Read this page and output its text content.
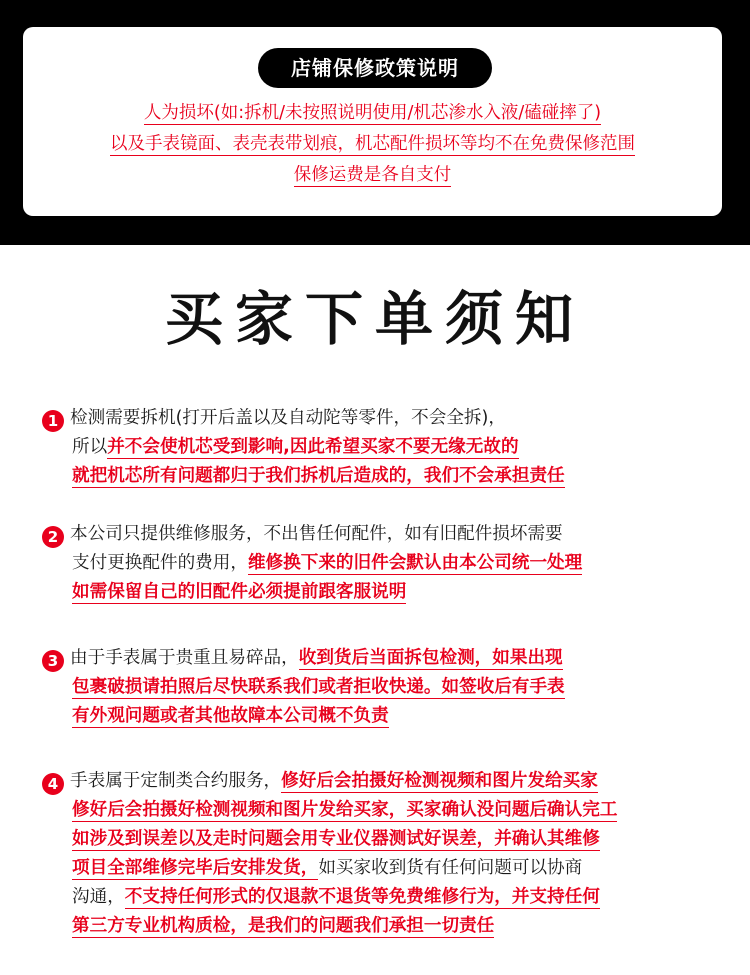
店铺保修政策说明
人为损坏(如:拆机/未按照说明使用/机芯渗水入液/磕碰摔了)
以及手表镜面、表壳表带划痕，机芯配件损坏等均不在免费保修范围
保修运费是各自支付
买家下单须知
1 检测需要拆机(打开后盖以及自动陀等零件，不会全拆)，
所以并不会使机芯受到影响,因此希望买家不要无缘无故的
就把机芯所有问题都归于我们拆机后造成的，我们不会承担责任
2 本公司只提供维修服务，不出售任何配件，如有旧配件损坏需要
支付更换配件的费用，维修换下来的旧件会默认由本公司统一处理
如需保留自己的旧配件必须提前跟客服说明
3 由于手表属于贵重且易碎品，收到货后当面拆包检测，如果出现
包裹破损请拍照后尽快联系我们或者拒收快递。如签收后有手表
有外观问题或者其他故障本公司概不负责
4 手表属于定制类合约服务，修好后会拍摄好检测视频和图片发给买家
修好后会拍摄好检测视频和图片发给买家，买家确认没问题后确认完工
如涉及到误差以及走时问题会用专业仪器测试好误差，并确认其维修
项目全部维修完毕后安排发货，如买家收到货有任何问题可以协商
沟通，不支持任何形式的仅退款不退货等免费维修行为，并支持任何
第三方专业机构质检，是我们的问题我们承担一切责任
